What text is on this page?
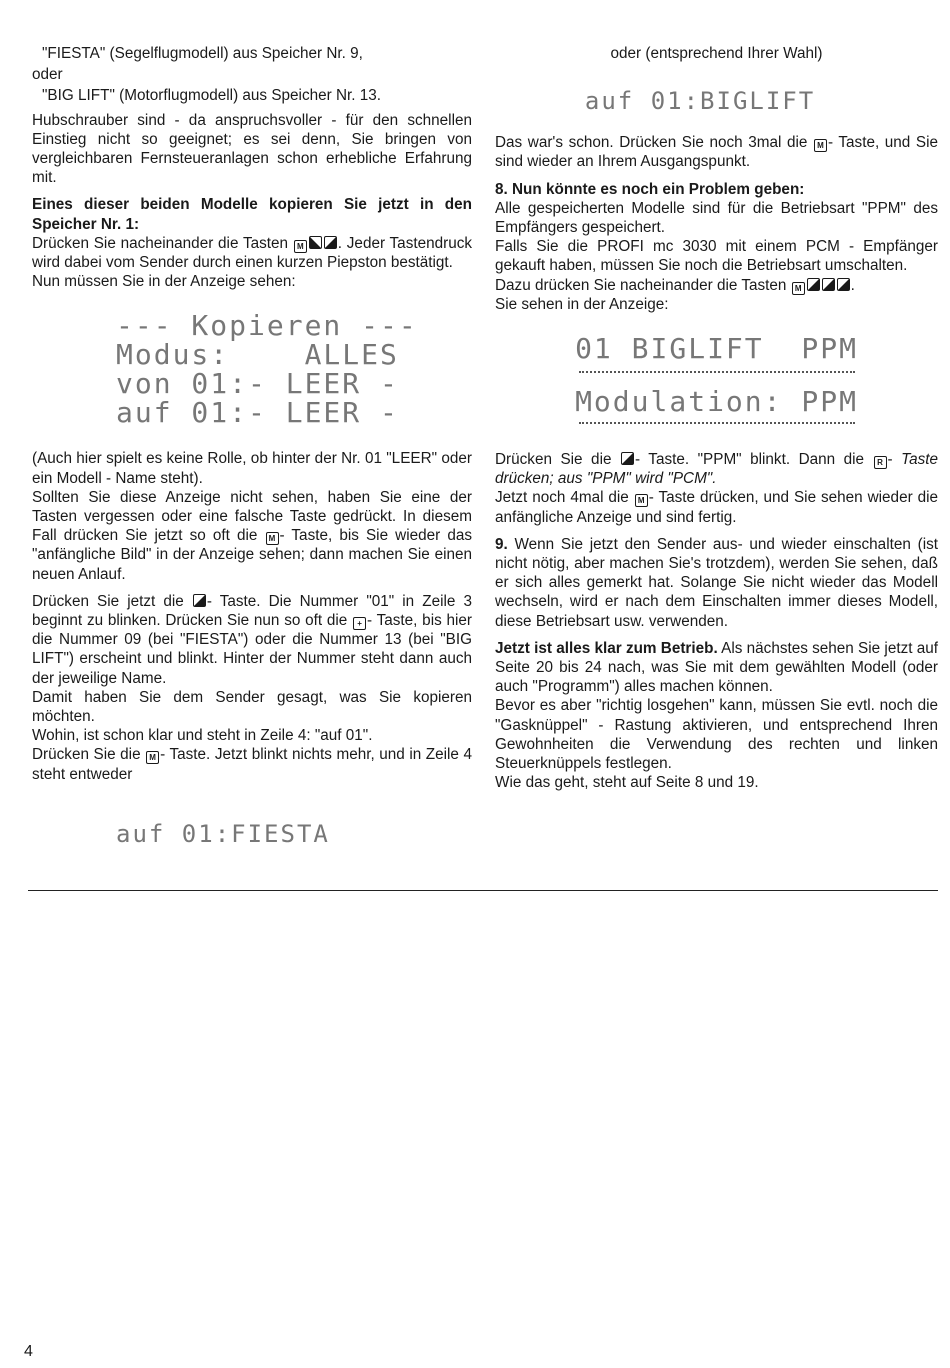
"FIESTA" (Segelflugmodell) aus Speicher Nr. 9,

oder

"BIG LIFT" (Motorflugmodell) aus Speicher Nr. 13.

Hubschrauber sind - da anspruchsvoller - für den schnellen Einstieg nicht so geeignet; es sei denn, Sie bringen von vergleichbaren Fernsteueranlagen schon erhebliche Erfahrung mit.

Eines dieser beiden Modelle kopieren Sie jetzt in den Speicher Nr. 1:

Drücken Sie nacheinander die Tasten M . Jeder Tastendruck wird dabei vom Sender durch einen kurzen Piepston bestätigt.

Nun müssen Sie in der Anzeige sehen:

--- Kopieren ---
Modus:    ALLES
von 01:- LEER -
auf 01:- LEER -

(Auch hier spielt es keine Rolle, ob hinter der Nr. 01 "LEER" oder ein Modell - Name steht).

Sollten Sie diese Anzeige nicht sehen, haben Sie eine der Tasten vergessen oder eine falsche Taste gedrückt. In diesem Fall drücken Sie jetzt so oft die M - Taste, bis Sie wieder das "anfängliche Bild" in der Anzeige sehen; dann machen Sie einen neuen Anlauf.

Drücken Sie jetzt die - Taste. Die Nummer "01" in Zeile 3 beginnt zu blinken. Drücken Sie nun so oft die + - Taste, bis hier die Nummer 09 (bei "FIESTA") oder die Nummer 13 (bei "BIG LIFT") erscheint und blinkt. Hinter der Nummer steht dann auch der jeweilige Name.

Damit haben Sie dem Sender gesagt, was Sie kopieren möchten.

Wohin, ist schon klar und steht in Zeile 4: "auf 01".

Drücken Sie die M - Taste. Jetzt blinkt nichts mehr, und in Zeile 4 steht entweder

auf 01:FIESTA

oder (entsprechend Ihrer Wahl)

auf 01:BIGLIFT

Das war's schon. Drücken Sie noch 3mal die M - Taste, und Sie sind wieder an Ihrem Ausgangspunkt.

8. Nun könnte es noch ein Problem geben:

Alle gespeicherten Modelle sind für die Betriebsart "PPM" des Empfängers gespeichert.

Falls Sie die PROFI mc 3030 mit einem PCM - Empfänger gekauft haben, müssen Sie noch die Betriebsart umschalten.

Dazu drücken Sie nacheinander die Tasten M	.

Sie sehen in der Anzeige:

01 BIGLIFT  PPM
Modulation: PPM

Drücken Sie die - Taste. "PPM" blinkt. Dann die R - Taste drücken; aus "PPM" wird "PCM".

Jetzt noch 4mal die M - Taste drücken, und Sie sehen wieder die anfängliche Anzeige und sind fertig.

9. Wenn Sie jetzt den Sender aus- und wieder einschalten (ist nicht nötig, aber machen Sie's trotzdem), werden Sie sehen, daß er sich alles gemerkt hat. Solange Sie nicht wieder das Modell wechseln, wird er nach dem Einschalten immer dieses Modell, diese Betriebsart usw. verwenden.

Jetzt ist alles klar zum Betrieb. Als nächstes sehen Sie jetzt auf Seite 20 bis 24 nach, was Sie mit dem gewählten Modell (oder auch "Programm") alles machen können.

Bevor es aber "richtig losgehen" kann, müssen Sie evtl. noch die "Gasknüppel" - Rastung aktivieren, und entsprechend Ihren Gewohnheiten die Verwendung des rechten und linken Steuerknüppels festlegen.

Wie das geht, steht auf Seite 8 und 19.

4
